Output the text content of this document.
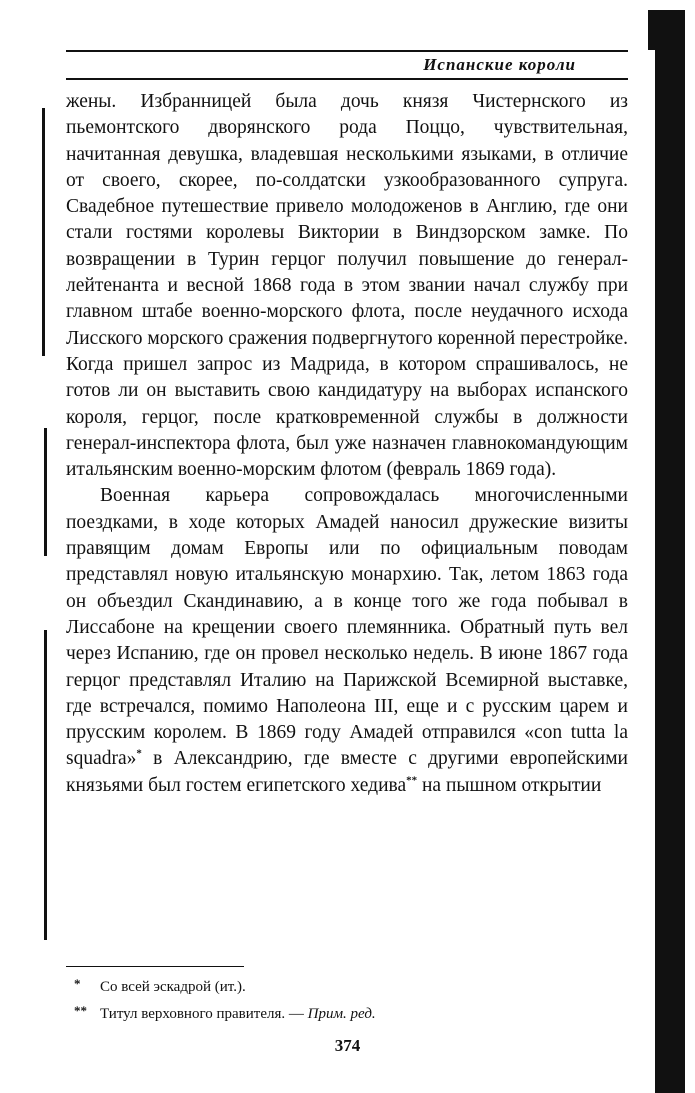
Испанские короли

жены. Избранницей была дочь князя Чистернского из пьемонтского дворянского рода Поццо, чувствительная, начитанная девушка, владевшая несколькими языками, в отличие от своего, скорее, по-солдатски узкообразованного супруга. Свадебное путешествие привело молодоженов в Англию, где они стали гостями королевы Виктории в Виндзорском замке. По возвращении в Турин герцог получил повышение до генерал-лейтенанта и весной 1868 года в этом звании начал службу при главном штабе военно-морского флота, после неудачного исхода Лисского морского сражения подвергнутого коренной перестройке. Когда пришел запрос из Мадрида, в котором спрашивалось, не готов ли он выставить свою кандидатуру на выборах испанского короля, герцог, после кратковременной службы в должности генерал-инспектора флота, был уже назначен главнокомандующим итальянским военно-морским флотом (февраль 1869 года).

Военная карьера сопровождалась многочисленными поездками, в ходе которых Амадей наносил дружеские визиты правящим домам Европы или по официальным поводам представлял новую итальянскую монархию. Так, летом 1863 года он объездил Скандинавию, а в конце того же года побывал в Лиссабоне на крещении своего племянника. Обратный путь вел через Испанию, где он провел несколько недель. В июне 1867 года герцог представлял Италию на Парижской Всемирной выставке, где встречался, помимо Наполеона III, еще и с русским царем и прусским королем. В 1869 году Амадей отправился «con tutta la squadra»* в Александрию, где вместе с другими европейскими князьями был гостем египетского хедива** на пышном открытии

* Со всей эскадрой (ит.).
** Титул верховного правителя. — Прим. ред.
374
